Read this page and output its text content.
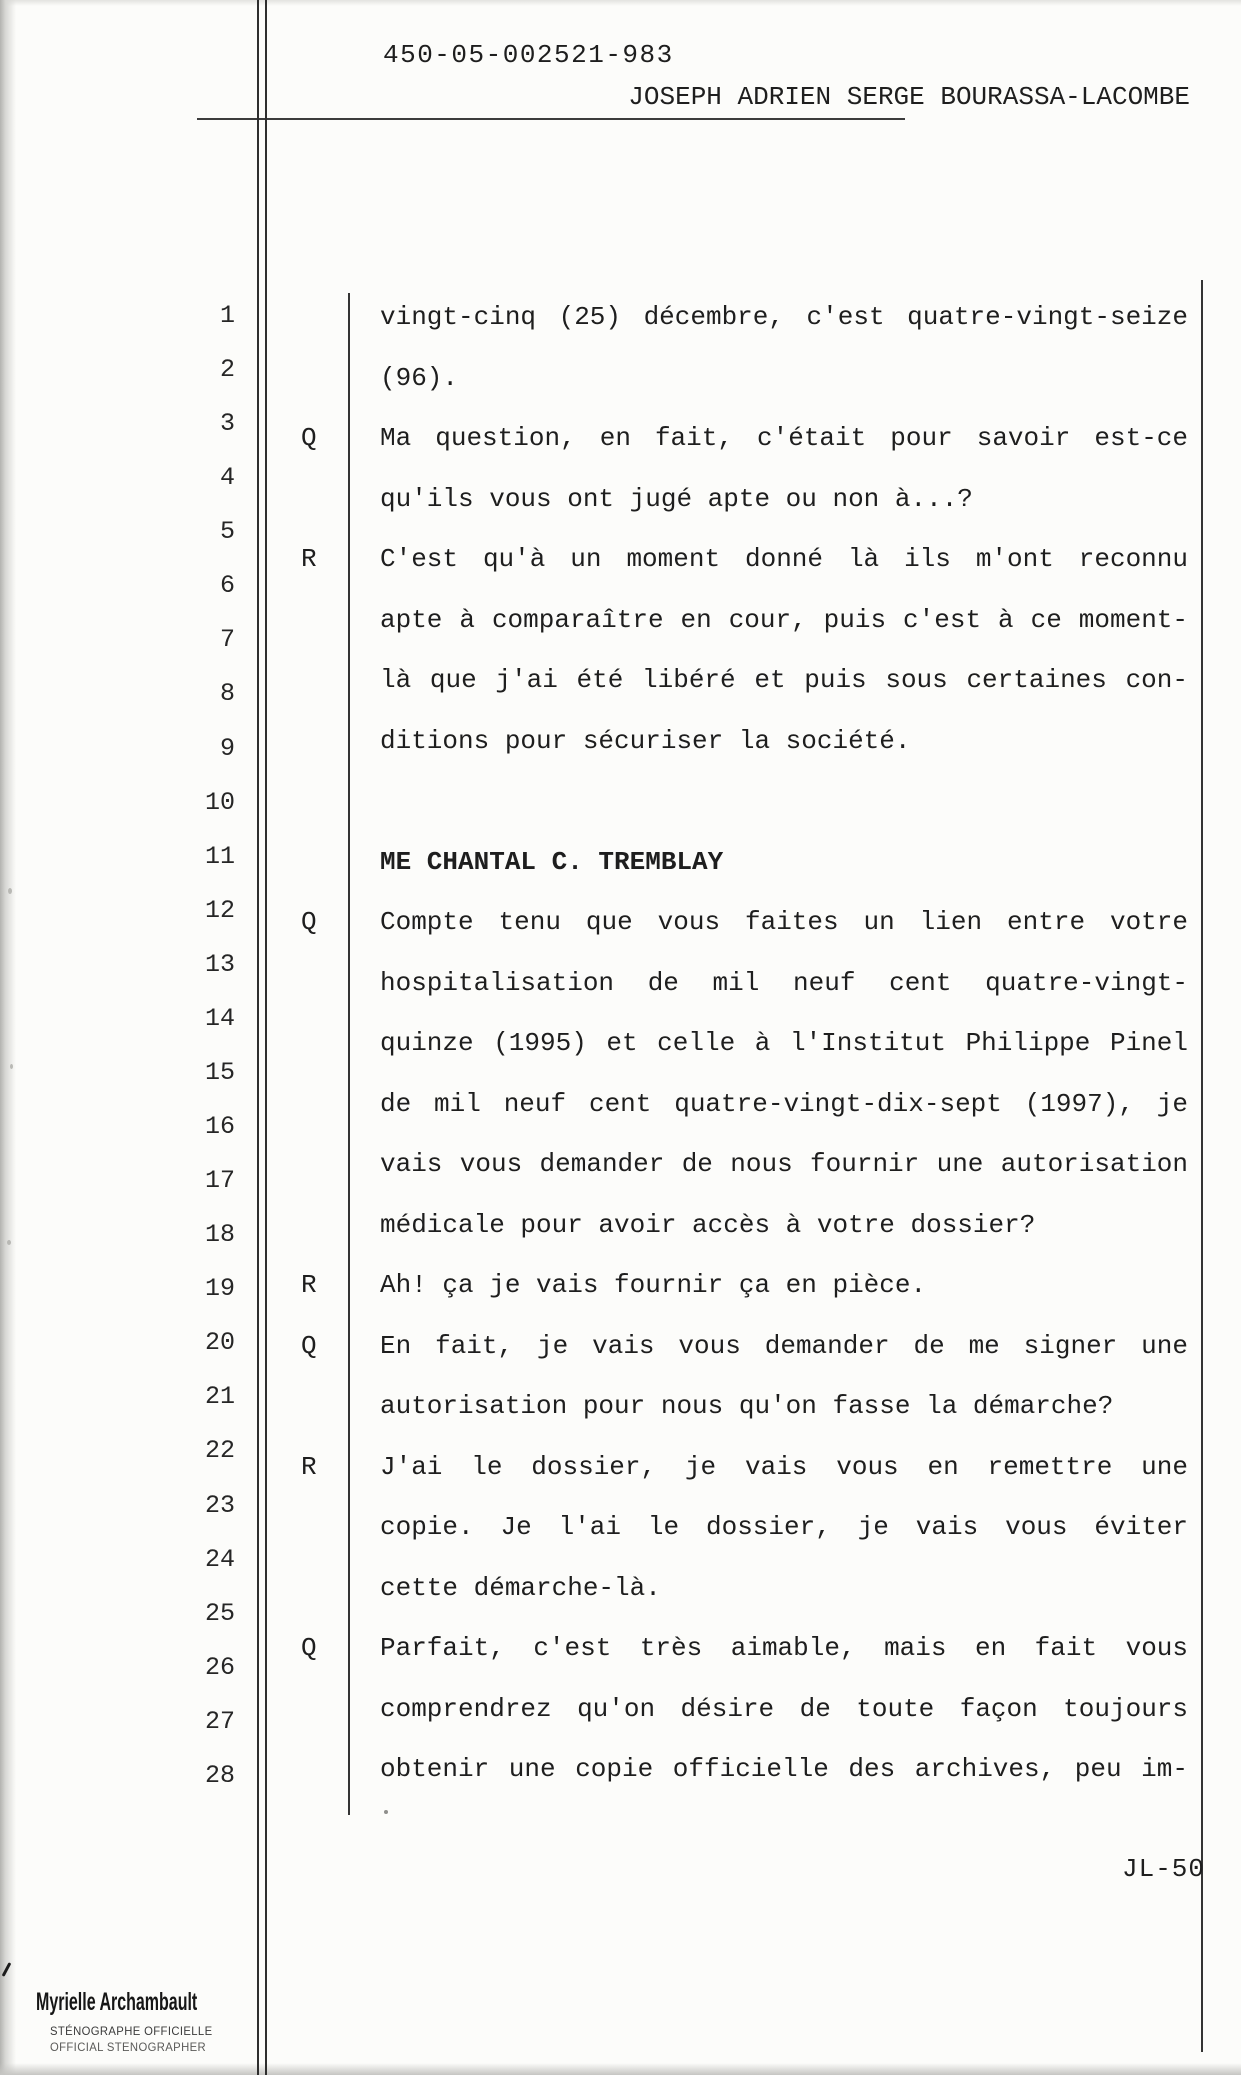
450-05-002521-983
JOSEPH ADRIEN SERGE BOURASSA-LACOMBE
1
2
3
4
5
6
7
8
9
10
11
12
13
14
15
16
17
18
19
20
21
22
23
24
25
26
27
28
vingt-cinq (25) décembre, c'est quatre-vingt-seize
(96).
Q Ma question, en fait, c'était pour savoir est-ce
qu'ils vous ont jugé apte ou non à...?
R C'est qu'à un moment donné là ils m'ont reconnu
apte à comparaître en cour, puis c'est à ce moment-
là que j'ai été libéré et puis sous certaines con-
ditions pour sécuriser la société.
ME CHANTAL C. TREMBLAY
Q Compte tenu que vous faites un lien entre votre
hospitalisation de mil neuf cent quatre-vingt-
quinze (1995) et celle à l'Institut Philippe Pinel
de mil neuf cent quatre-vingt-dix-sept (1997), je
vais vous demander de nous fournir une autorisation
médicale pour avoir accès à votre dossier?
R Ah! ça je vais fournir ça en pièce.
Q En fait, je vais vous demander de me signer une
autorisation pour nous qu'on fasse la démarche?
R J'ai le dossier, je vais vous en remettre une
copie. Je l'ai le dossier, je vais vous éviter
cette démarche-là.
Q Parfait, c'est très aimable, mais en fait vous
comprendrez qu'on désire de toute façon toujours
obtenir une copie officielle des archives, peu im-
JL-50
Myrielle Archambault
STÉNOGRAPHE OFFICIELLE
OFFICIAL STENOGRAPHER
